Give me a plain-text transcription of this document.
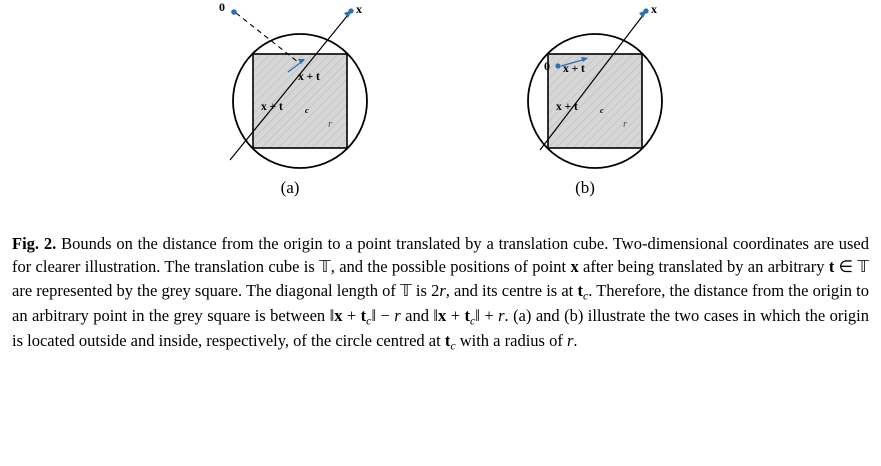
x
0
x + t
x + t	c
r
x
0 x + t
x + t	c
r
(a)	(b)
Fig. 2. Bounds on the distance from the origin to a point translated by a translation cube. Two-dimensional coordinates are used for clearer illustration. The translation cube is 𝕋, and the possible positions of point x after being translated by an arbitrary t ∈ 𝕋 are represented by the grey square. The diagonal length of 𝕋 is 2r, and its centre is at $t_c$. Therefore, the distance from the origin to an arbitrary point in the grey square is between ‖x + $t_c‖ - r$ and ‖x + $t_c‖ + r$. (a) and (b) illustrate the two cases in which the origin is located outside and inside, respectively, of the circle centred at $t_c$ with a radius of r.
